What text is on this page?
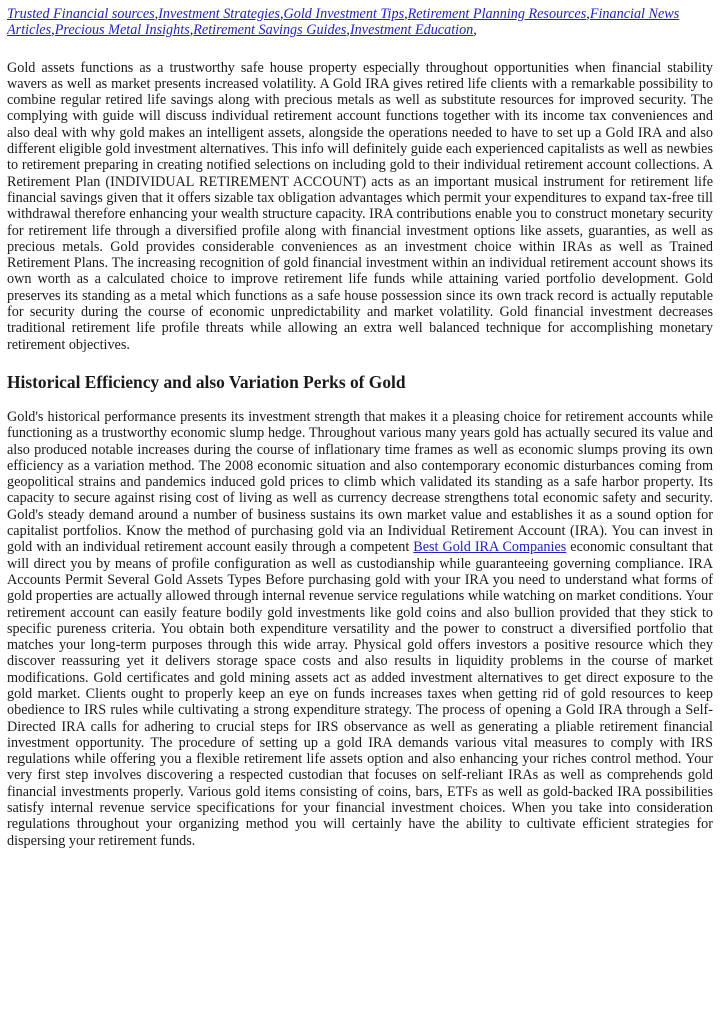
Trusted Financial sources,Investment Strategies,Gold Investment Tips,Retirement Planning Resources,Financial News Articles,Precious Metal Insights,Retirement Savings Guides,Investment Education,

Gold assets functions as a trustworthy safe house property especially throughout opportunities when financial stability wavers as well as market presents increased volatility. A Gold IRA gives retired life clients with a remarkable possibility to combine regular retired life savings along with precious metals as well as substitute resources for improved security. The complying with guide will discuss individual retirement account functions together with its income tax conveniences and also deal with why gold makes an intelligent assets, alongside the operations needed to have to set up a Gold IRA and also different eligible gold investment alternatives. This info will definitely guide each experienced capitalists as well as newbies to retirement preparing in creating notified selections on including gold to their individual retirement account collections. A Retirement Plan (INDIVIDUAL RETIREMENT ACCOUNT) acts as an important musical instrument for retirement life financial savings given that it offers sizable tax obligation advantages which permit your expenditures to expand tax-free till withdrawal therefore enhancing your wealth structure capacity. IRA contributions enable you to construct monetary security for retirement life through a diversified profile along with financial investment options like assets, guaranties, as well as precious metals. Gold provides considerable conveniences as an investment choice within IRAs as well as Trained Retirement Plans. The increasing recognition of gold financial investment within an individual retirement account shows its own worth as a calculated choice to improve retirement life funds while attaining varied portfolio development. Gold preserves its standing as a metal which functions as a safe house possession since its own track record is actually reputable for security during the course of economic unpredictability and market volatility. Gold financial investment decreases traditional retirement life profile threats while allowing an extra well balanced technique for accomplishing monetary retirement objectives.

Historical Efficiency and also Variation Perks of Gold

Gold's historical performance presents its investment strength that makes it a pleasing choice for retirement accounts while functioning as a trustworthy economic slump hedge. Throughout various many years gold has actually secured its value and also produced notable increases during the course of inflationary time frames as well as economic slumps proving its own efficiency as a variation method. The 2008 economic situation and also contemporary economic disturbances coming from geopolitical strains and pandemics induced gold prices to climb which validated its standing as a safe harbor property. Its capacity to secure against rising cost of living as well as currency decrease strengthens total economic safety and security. Gold's steady demand around a number of business sustains its own market value and establishes it as a sound option for capitalist portfolios. Know the method of purchasing gold via an Individual Retirement Account (IRA). You can invest in gold with an individual retirement account easily through a competent Best Gold IRA Companies economic consultant that will direct you by means of profile configuration as well as custodianship while guaranteeing governing compliance. IRA Accounts Permit Several Gold Assets Types Before purchasing gold with your IRA you need to understand what forms of gold properties are actually allowed through internal revenue service regulations while watching on market conditions. Your retirement account can easily feature bodily gold investments like gold coins and also bullion provided that they stick to specific pureness criteria. You obtain both expenditure versatility and the power to construct a diversified portfolio that matches your long-term purposes through this wide array. Physical gold offers investors a positive resource which they discover reassuring yet it delivers storage space costs and also results in liquidity problems in the course of market modifications. Gold certificates and gold mining assets act as added investment alternatives to get direct exposure to the gold market. Clients ought to properly keep an eye on funds increases taxes when getting rid of gold resources to keep obedience to IRS rules while cultivating a strong expenditure strategy. The process of opening a Gold IRA through a Self-Directed IRA calls for adhering to crucial steps for IRS observance as well as generating a pliable retirement financial investment opportunity. The procedure of setting up a gold IRA demands various vital measures to comply with IRS regulations while offering you a flexible retirement life assets option and also enhancing your riches control method. Your very first step involves discovering a respected custodian that focuses on self-reliant IRAs as well as comprehends gold financial investments properly. Various gold items consisting of coins, bars, ETFs as well as gold-backed IRA possibilities satisfy internal revenue service specifications for your financial investment choices. When you take into consideration regulations throughout your organizing method you will certainly have the ability to cultivate efficient strategies for dispersing your retirement funds.
